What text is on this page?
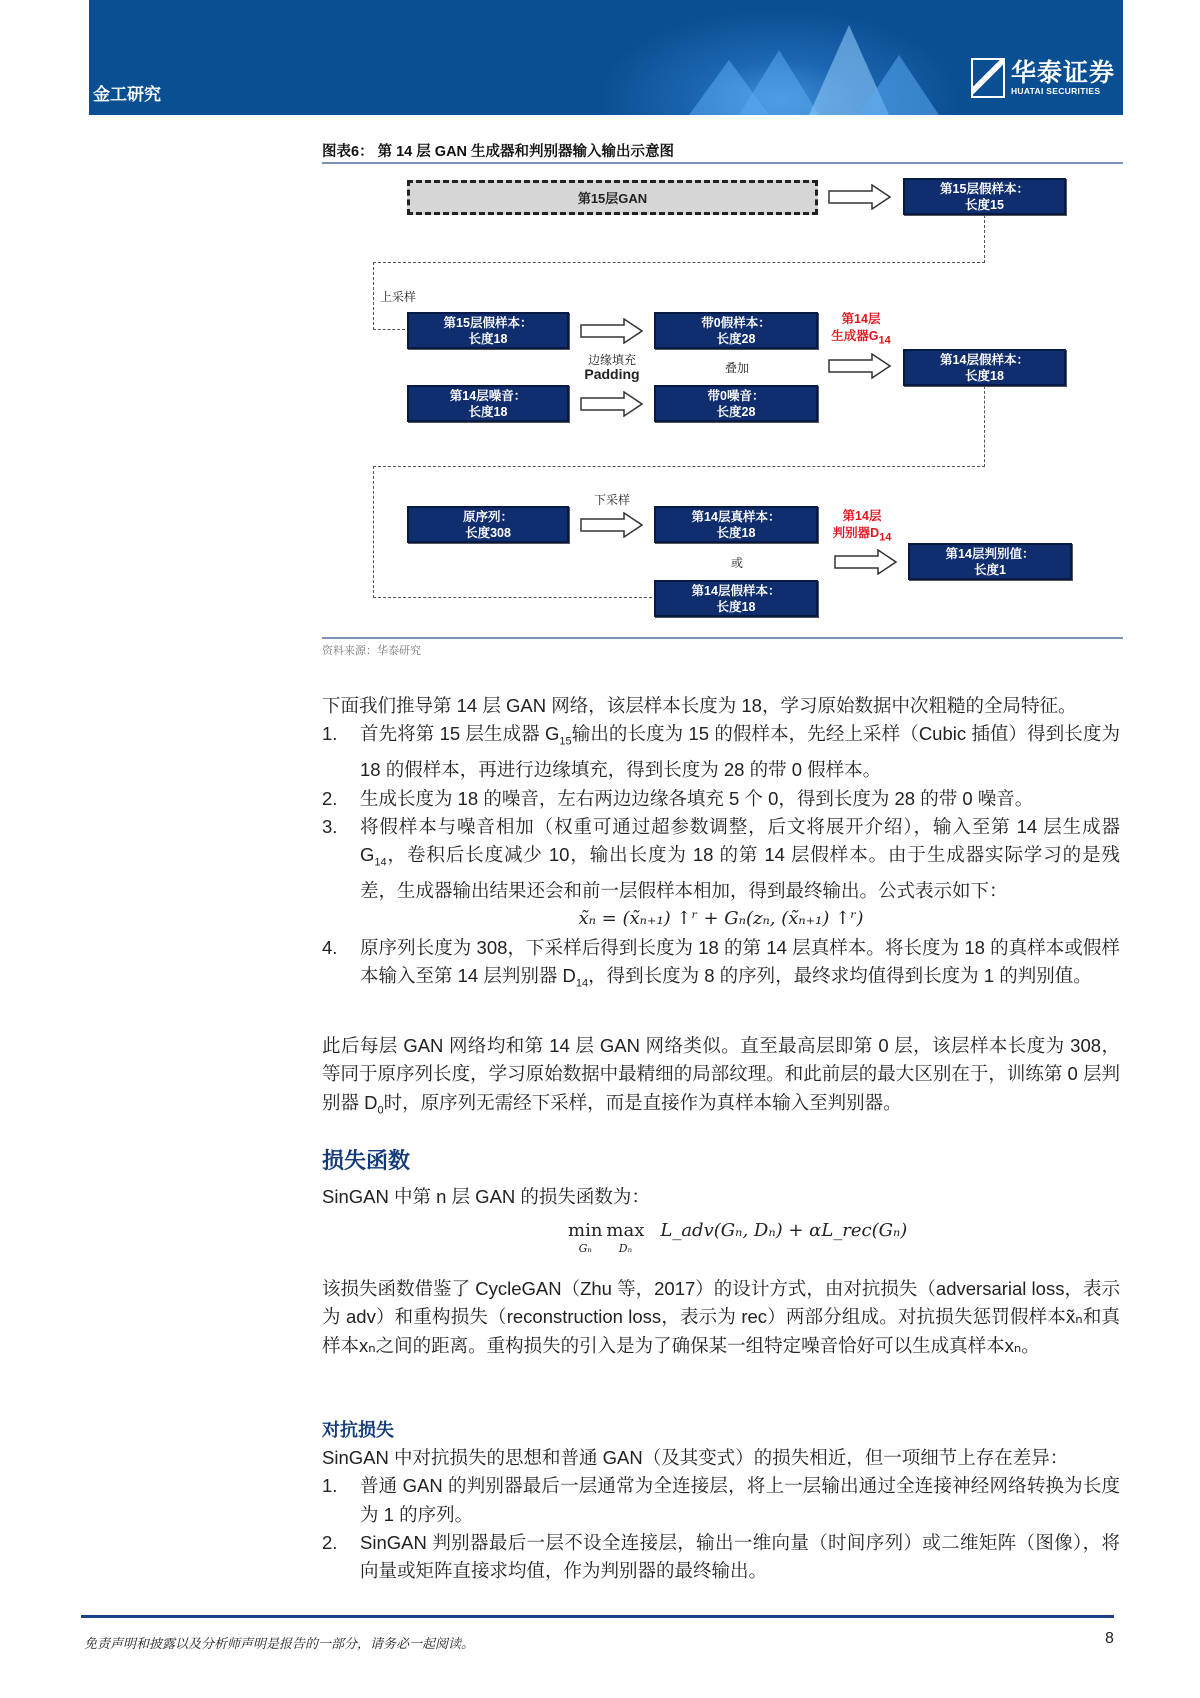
金工研究
华泰证券
HUATAI SECURITIES
图表6： 第 14 层 GAN 生成器和判别器输入输出示意图
第15层GAN
第15层假样本：
长度15
上采样
第15层假样本：
长度18
第14层噪音：
长度18
边缘填充
Padding
带0假样本：
长度28
带0噪音：
长度28
叠加
第14层
生成器$G_{14}$
第14层假样本：
长度18
原序列：
长度308
下采样
第14层真样本：
长度18
或
第14层假样本：
长度18
第14层
判别器$D_{14}$
第14层判别值：
长度1
资料来源：华泰研究
下面我们推导第 14 层 GAN 网络，该层样本长度为 18，学习原始数据中次粗糙的全局特征。
1. 首先将第 15 层生成器 $G_{15}$输出的长度为 15 的假样本，先经上采样（Cubic 插值）得到长度为 18 的假样本，再进行边缘填充，得到长度为 28 的带 0 假样本。
2. 生成长度为 18 的噪音，左右两边边缘各填充 5 个 0，得到长度为 28 的带 0 噪音。
3. 将假样本与噪音相加（权重可通过超参数调整，后文将展开介绍），输入至第 14 层生成器 $G_{14}$，卷积后长度减少 10，输出长度为 18 的第 14 层假样本。由于生成器实际学习的是残差，生成器输出结果还会和前一层假样本相加，得到最终输出。公式表示如下：
x̃ₙ = (x̃ₙ₊₁) ↑ʳ + Gₙ(zₙ, (x̃ₙ₊₁) ↑ʳ)
4. 原序列长度为 308，下采样后得到长度为 18 的第 14 层真样本。将长度为 18 的真样本或假样本输入至第 14 层判别器 $D_{14}$，得到长度为 8 的序列，最终求均值得到长度为 1 的判别值。
此后每层 GAN 网络均和第 14 层 GAN 网络类似。直至最高层即第 0 层，该层样本长度为 308，等同于原序列长度，学习原始数据中最精细的局部纹理。和此前层的最大区别在于，训练第 0 层判别器 $D_0$时，原序列无需经下采样，而是直接作为真样本输入至判别器。
损失函数
SinGAN 中第 n 层 GAN 的损失函数为：
min
Gₙ
max
Dₙ
L_adv(Gₙ, Dₙ) + αL_rec(Gₙ)
该损失函数借鉴了 CycleGAN（Zhu 等，2017）的设计方式，由对抗损失（adversarial loss，表示为 adv）和重构损失（reconstruction loss，表示为 rec）两部分组成。对抗损失惩罚假样本x̃ₙ和真样本xₙ之间的距离。重构损失的引入是为了确保某一组特定噪音恰好可以生成真样本xₙ。
对抗损失
SinGAN 中对抗损失的思想和普通 GAN（及其变式）的损失相近，但一项细节上存在差异：
1. 普通 GAN 的判别器最后一层通常为全连接层，将上一层输出通过全连接神经网络转换为长度为 1 的序列。
2. SinGAN 判别器最后一层不设全连接层，输出一维向量（时间序列）或二维矩阵（图像），将向量或矩阵直接求均值，作为判别器的最终输出。
免责声明和披露以及分析师声明是报告的一部分，请务必一起阅读。	8
